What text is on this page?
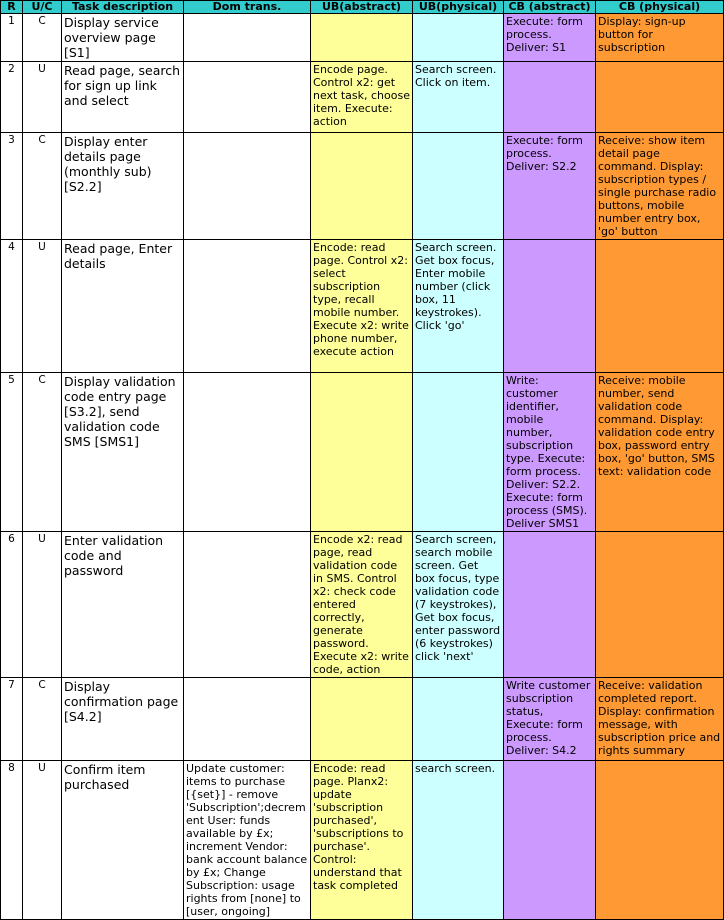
R	U/C	Task description	Dom trans.	UB(abstract)	UB(physical)	CB (abstract)	CB (physical)
1	C	Display service overview page [S1]				Execute: form process. Deliver: S1	Display: sign-up button for subscription
2	U	Read page, search for sign up link and select		Encode page. Control x2: get next task, choose item. Execute: action	Search screen. Click on item.		
3	C	Display enter details page (monthly sub) [S2.2]				Execute: form process. Deliver: S2.2	Receive: show item detail page command. Display: subscription types / single purchase radio buttons, mobile number entry box, 'go' button
4	U	Read page, Enter details		Encode: read page. Control x2: select subscription type, recall mobile number. Execute x2: write phone number, execute action	Search screen. Get box focus, Enter mobile number (click box, 11 keystrokes). Click 'go'		
5	C	Display validation code entry page [S3.2], send validation code SMS [SMS1]				Write: customer identifier, mobile number, subscription type. Execute: form process. Deliver: S2.2. Execute: form process (SMS). Deliver SMS1	Receive: mobile number, send validation code command. Display: validation code entry box, password entry box, 'go' button, SMS text: validation code
6	U	Enter validation code and password		Encode x2: read page, read validation code in SMS. Control x2: check code entered correctly, generate password. Execute x2: write code, action	Search screen, search mobile screen. Get box focus, type validation code (7 keystrokes), Get box focus, enter password (6 keystrokes) click 'next'		
7	C	Display confirmation page [S4.2]				Write customer subscription status, Execute: form process. Deliver: S4.2	Receive: validation completed report. Display: confirmation message, with subscription price and rights summary
8	U	Confirm item purchased	Update customer: items to purchase [{set}] - remove 'Subscription';decrement User: funds available by £x; increment Vendor: bank account balance by £x; Change Subscription: usage rights from [none] to [user, ongoing]	Encode: read page. Planx2: update 'subscription purchased', 'subscriptions to purchase'. Control: understand that task completed	search screen.		
